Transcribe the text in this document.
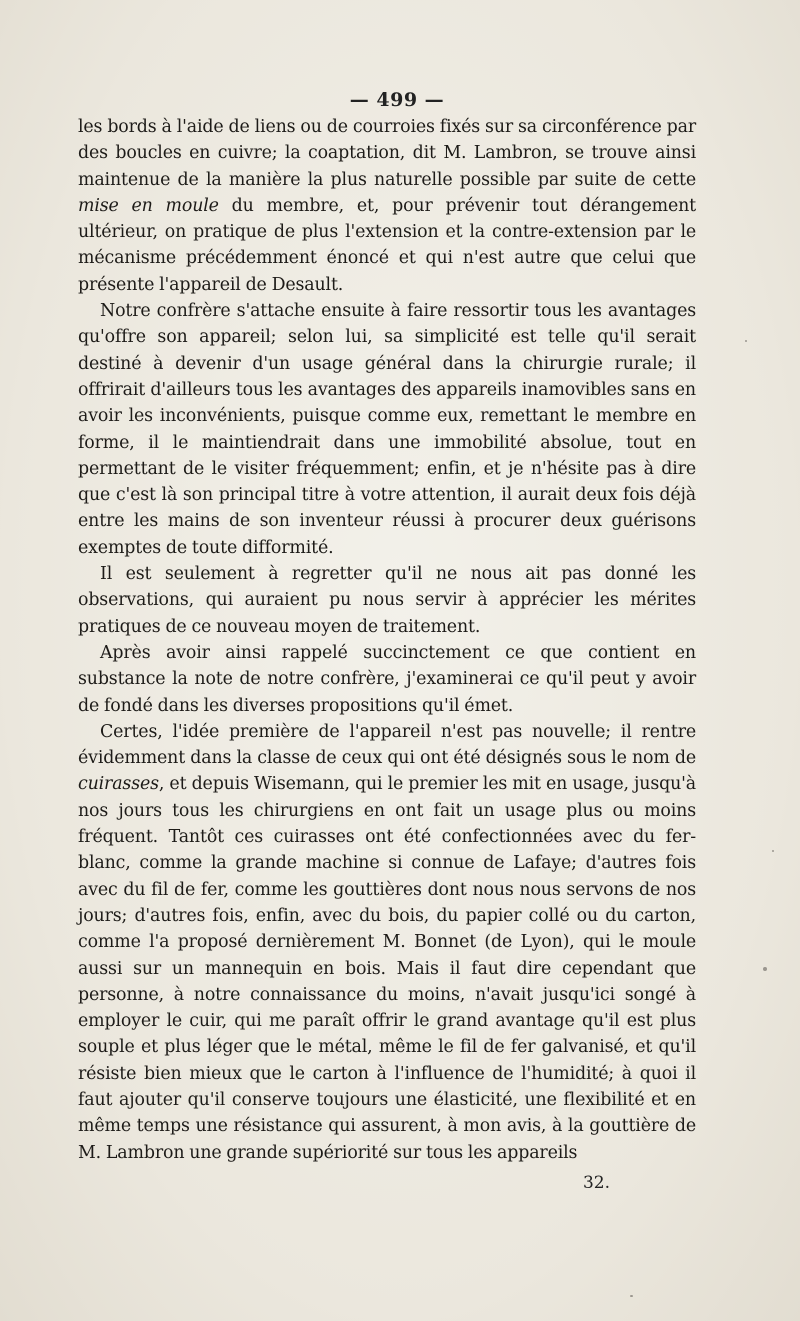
— 499 —

les bords à l'aide de liens ou de courroies fixés sur sa circonférence par des boucles en cuivre; la coaptation, dit M. Lambron, se trouve ainsi maintenue de la manière la plus naturelle possible par suite de cette mise en moule du membre, et, pour prévenir tout dérangement ultérieur, on pratique de plus l'extension et la contre-extension par le mécanisme précédemment énoncé et qui n'est autre que celui que présente l'appareil de Desault.

Notre confrère s'attache ensuite à faire ressortir tous les avantages qu'offre son appareil; selon lui, sa simplicité est telle qu'il serait destiné à devenir d'un usage général dans la chirurgie rurale; il offrirait d'ailleurs tous les avantages des appareils inamovibles sans en avoir les inconvénients, puisque comme eux, remettant le membre en forme, il le maintiendrait dans une immobilité absolue, tout en permettant de le visiter fréquemment; enfin, et je n'hésite pas à dire que c'est là son principal titre à votre attention, il aurait deux fois déjà entre les mains de son inventeur réussi à procurer deux guérisons exemptes de toute difformité.

Il est seulement à regretter qu'il ne nous ait pas donné les observations, qui auraient pu nous servir à apprécier les mérites pratiques de ce nouveau moyen de traitement.

Après avoir ainsi rappelé succinctement ce que contient en substance la note de notre confrère, j'examinerai ce qu'il peut y avoir de fondé dans les diverses propositions qu'il émet.

Certes, l'idée première de l'appareil n'est pas nouvelle; il rentre évidemment dans la classe de ceux qui ont été désignés sous le nom de cuirasses, et depuis Wisemann, qui le premier les mit en usage, jusqu'à nos jours tous les chirurgiens en ont fait un usage plus ou moins fréquent. Tantôt ces cuirasses ont été confectionnées avec du fer-blanc, comme la grande machine si connue de Lafaye; d'autres fois avec du fil de fer, comme les gouttières dont nous nous servons de nos jours; d'autres fois, enfin, avec du bois, du papier collé ou du carton, comme l'a proposé dernièrement M. Bonnet (de Lyon), qui le moule aussi sur un mannequin en bois. Mais il faut dire cependant que personne, à notre connaissance du moins, n'avait jusqu'ici songé à employer le cuir, qui me paraît offrir le grand avantage qu'il est plus souple et plus léger que le métal, même le fil de fer galvanisé, et qu'il résiste bien mieux que le carton à l'influence de l'humidité; à quoi il faut ajouter qu'il conserve toujours une élasticité, une flexibilité et en même temps une résistance qui assurent, à mon avis, à la gouttière de M. Lambron une grande supériorité sur tous les appareils

32.
